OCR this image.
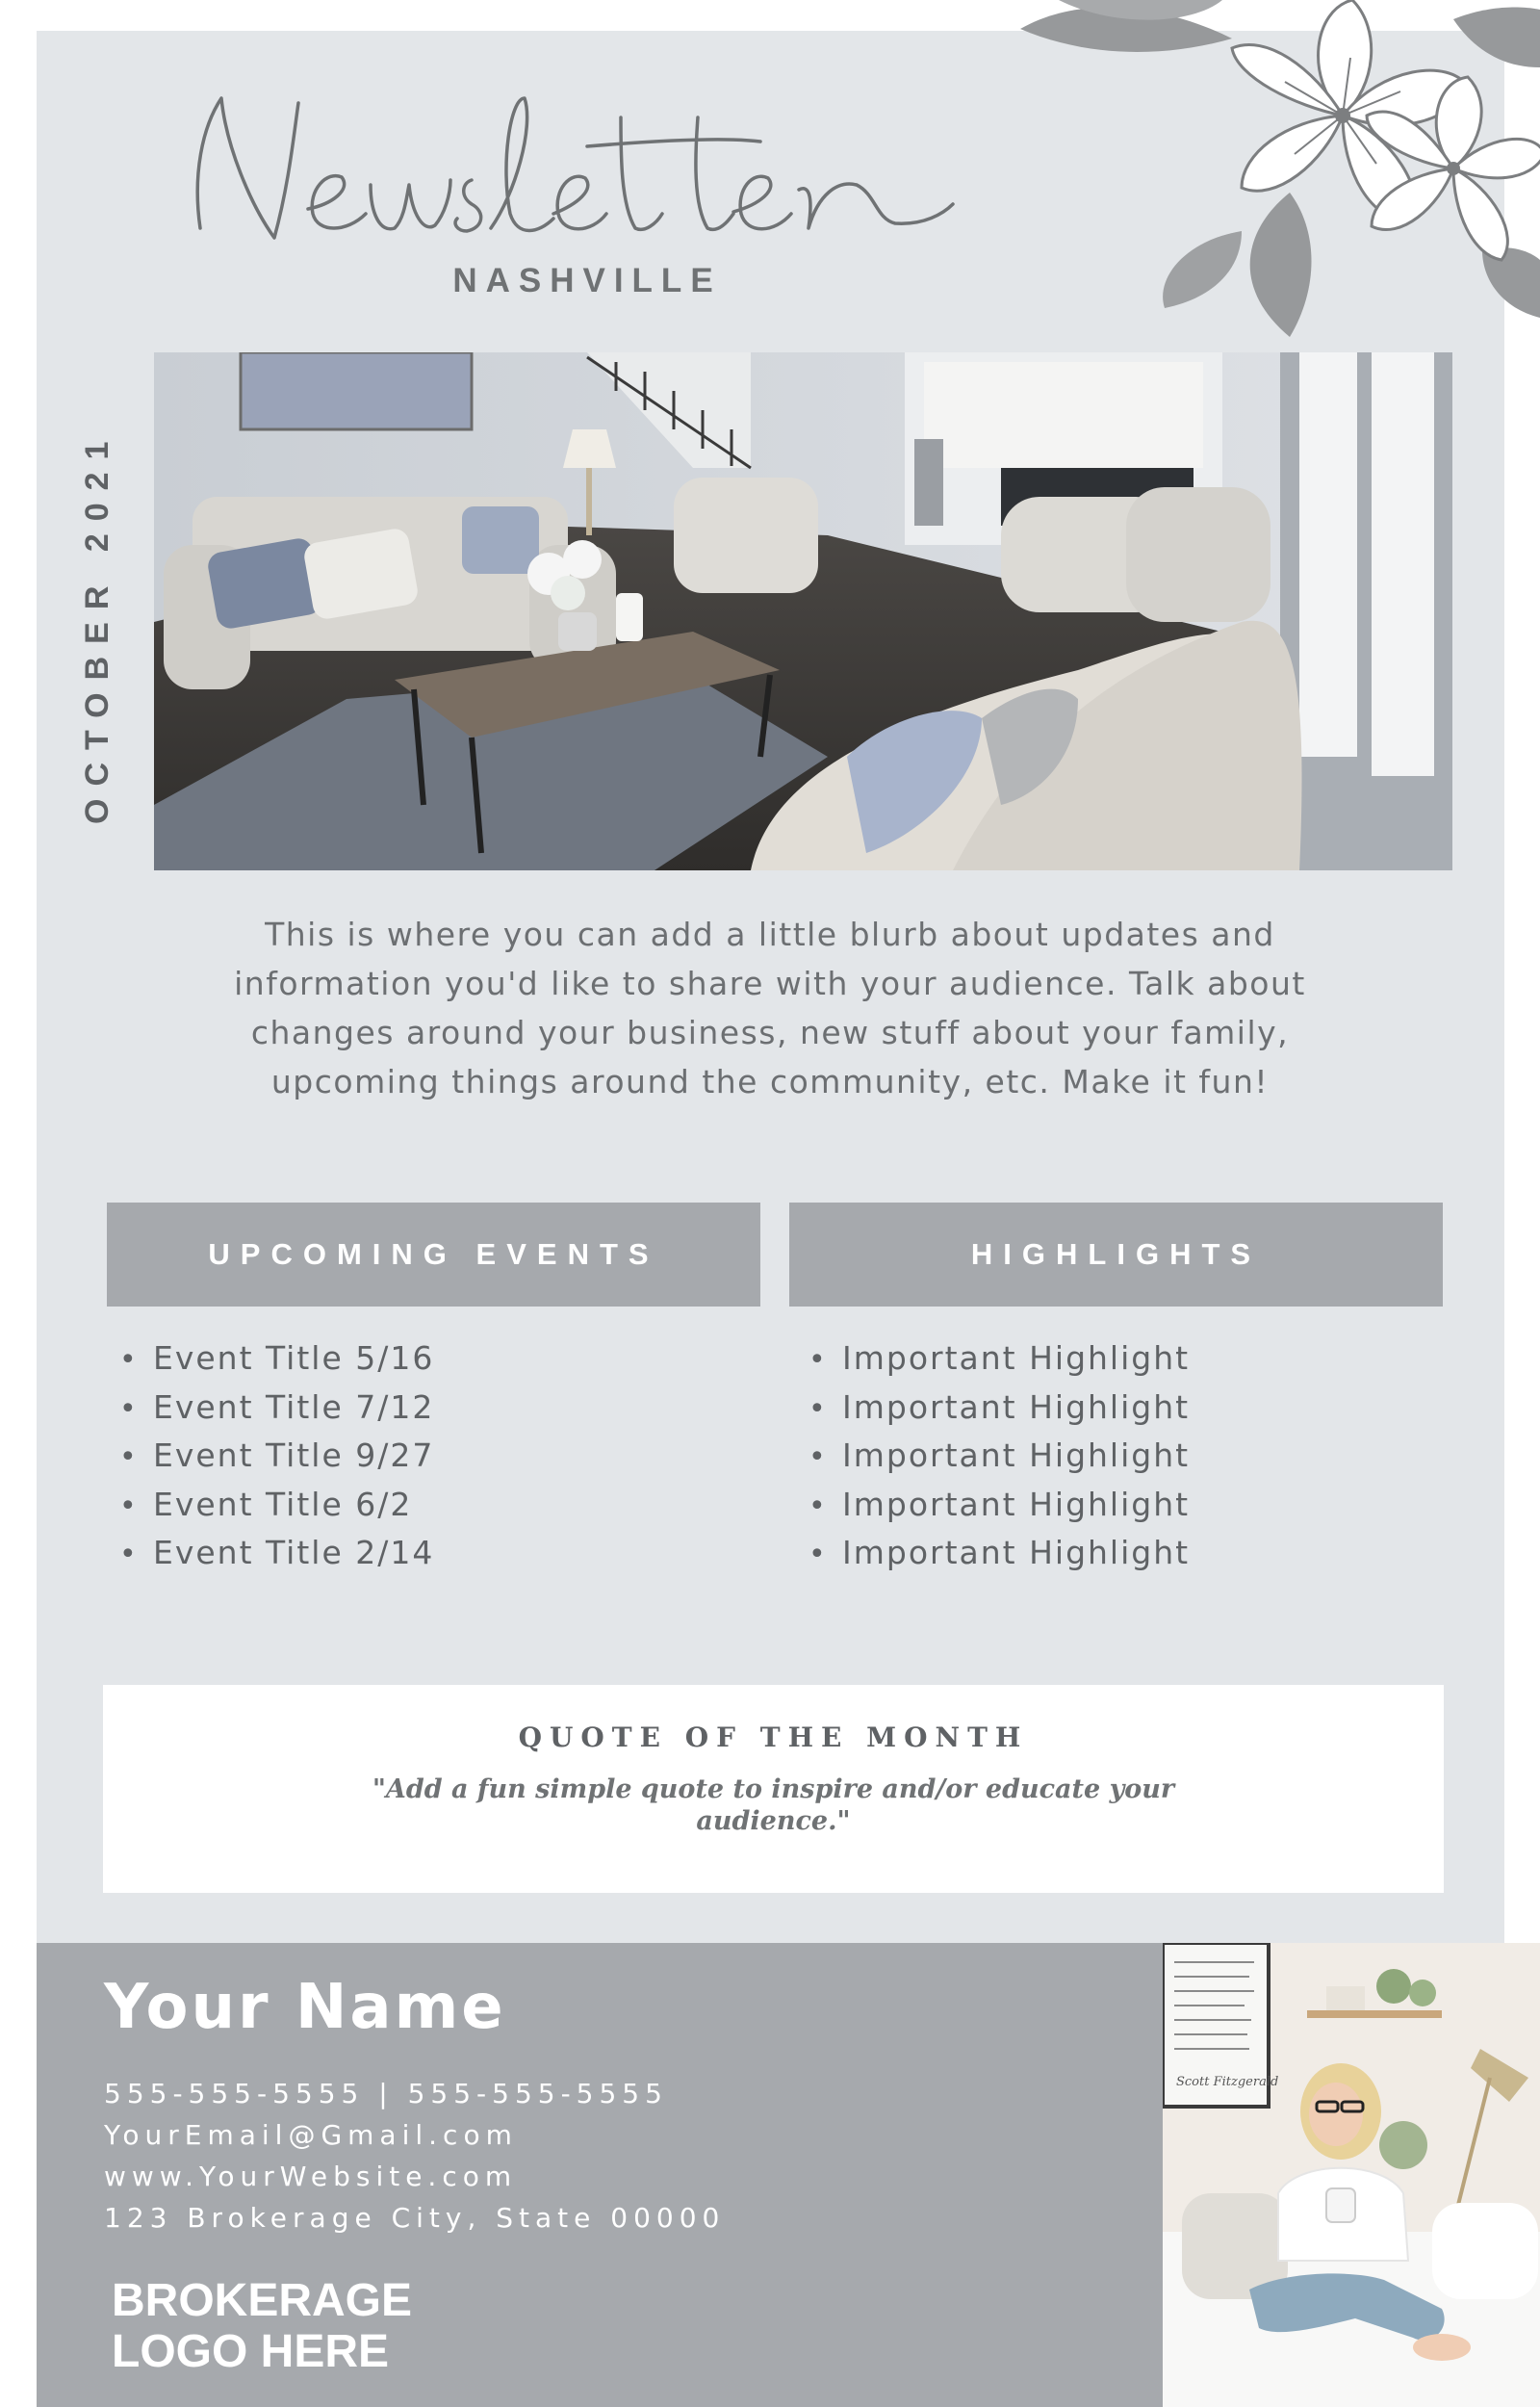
NASHVILLE
OCTOBER 2021
This is where you can add a little blurb about updates and information you'd like to share with your audience. Talk about changes around your business, new stuff about your family, upcoming things around the community, etc. Make it fun!
UPCOMING EVENTS	HIGHLIGHTS
• Event Title 5/16
• Event Title 7/12
• Event Title 9/27
• Event Title 6/2
• Event Title 2/14
• Important Highlight
• Important Highlight
• Important Highlight
• Important Highlight
• Important Highlight
QUOTE OF THE MONTH
"Add a fun simple quote to inspire and/or educate your audience."
Your Name
555-555-5555 | 555-555-5555
YourEmail@Gmail.com
www.YourWebsite.com
123 Brokerage City, State 00000
BROKERAGE
LOGO HERE
Scott Fitzgerald
